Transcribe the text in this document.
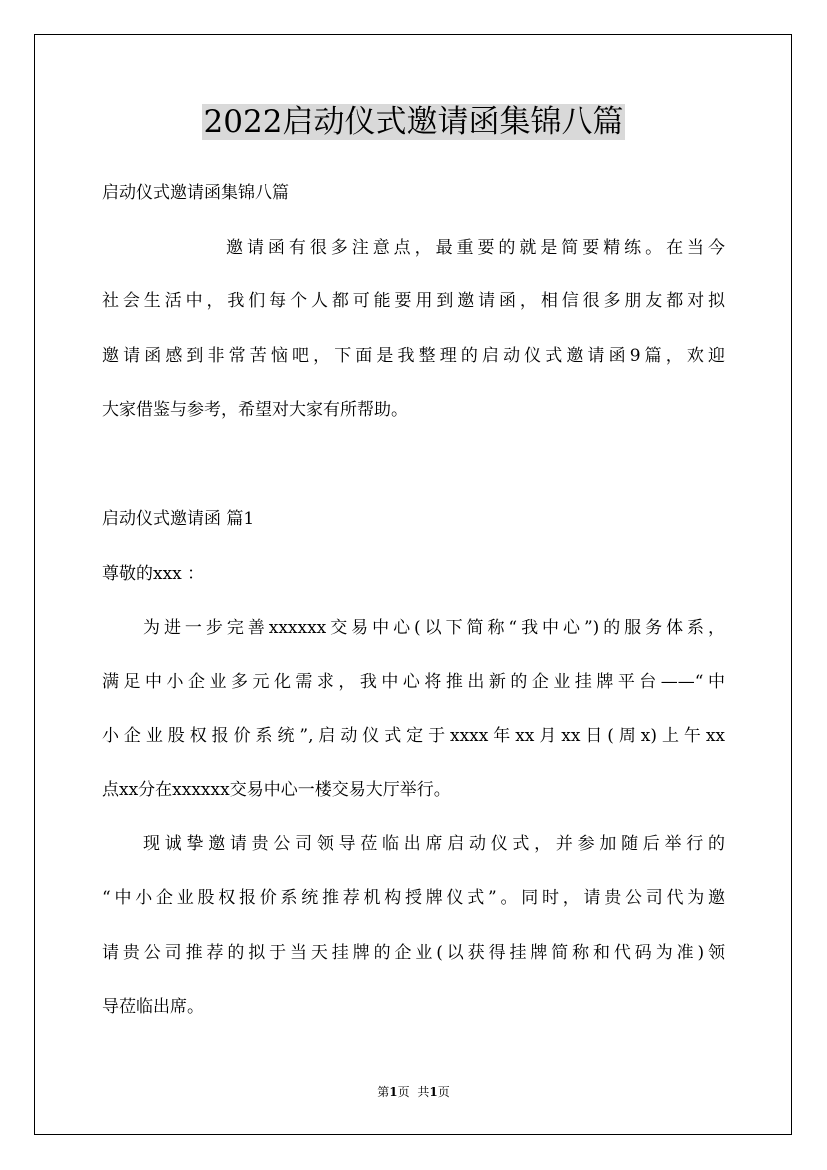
2022启动仪式邀请函集锦八篇
启动仪式邀请函集锦八篇
邀请函有很多注意点，最重要的就是简要精练。在当今
社会生活中，我们每个人都可能要用到邀请函，相信很多朋友都对拟
邀请函感到非常苦恼吧，下面是我整理的启动仪式邀请函9篇，欢迎
大家借鉴与参考，希望对大家有所帮助。
启动仪式邀请函 篇1
尊敬的xxx ：
为进一步完善xxxxxx交易中心(以下简称“我中心”)的服务体系，
满足中小企业多元化需求，我中心将推出新的企业挂牌平台——“中
小企业股权报价系统”,启动仪式定于xxxx年xx月xx日(周x)上午xx
点xx分在xxxxxx交易中心一楼交易大厅举行。
现诚挚邀请贵公司领导莅临出席启动仪式，并参加随后举行的
“中小企业股权报价系统推荐机构授牌仪式”。同时，请贵公司代为邀
请贵公司推荐的拟于当天挂牌的企业(以获得挂牌简称和代码为准)领
导莅临出席。
第1页 共1页
